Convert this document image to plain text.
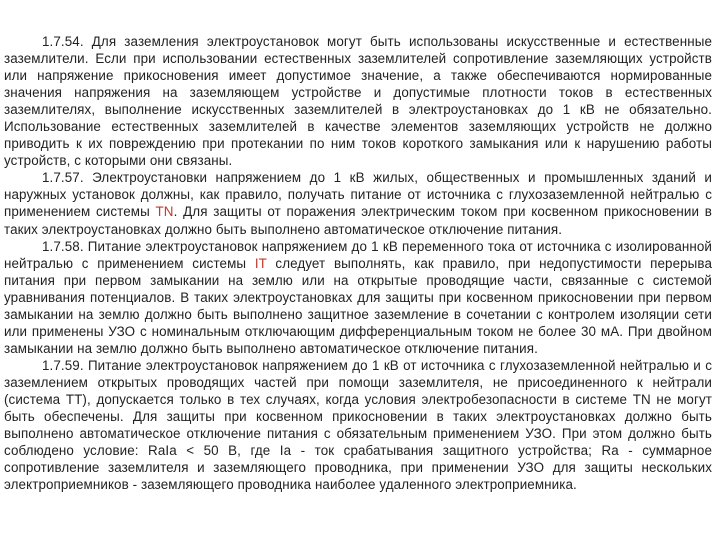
1.7.54. Для заземления электроустановок могут быть использованы искусственные и естественные заземлители. Если при использовании естественных заземлителей сопротивление заземляющих устройств или напряжение прикосновения имеет допустимое значение, а также обеспечиваются нормированные значения напряжения на заземляющем устройстве и допустимые плотности токов в естественных заземлителях, выполнение искусственных заземлителей в электроустановках до 1 кВ не обязательно. Использование естественных заземлителей в качестве элементов заземляющих устройств не должно приводить к их повреждению при протекании по ним токов короткого замыкания или к нарушению работы устройств, с которыми они связаны.

1.7.57. Электроустановки напряжением до 1 кВ жилых, общественных и промышленных зданий и наружных установок должны, как правило, получать питание от источника с глухозаземленной нейтралью с применением системы TN. Для защиты от поражения электрическим током при косвенном прикосновении в таких электроустановках должно быть выполнено автоматическое отключение питания.

1.7.58. Питание электроустановок напряжением до 1 кВ переменного тока от источника с изолированной нейтралью с применением системы IT следует выполнять, как правило, при недопустимости перерыва питания при первом замыкании на землю или на открытые проводящие части, связанные с системой уравнивания потенциалов. В таких электроустановках для защиты при косвенном прикосновении при первом замыкании на землю должно быть выполнено защитное заземление в сочетании с контролем изоляции сети или применены УЗО с номинальным отключающим дифференциальным током не более 30 мА. При двойном замыкании на землю должно быть выполнено автоматическое отключение питания.

1.7.59. Питание электроустановок напряжением до 1 кВ от источника с глухозаземленной нейтралью и с заземлением открытых проводящих частей при помощи заземлителя, не присоединенного к нейтрали (система TT), допускается только в тех случаях, когда условия электробезопасности в системе TN не могут быть обеспечены. Для защиты при косвенном прикосновении в таких электроустановках должно быть выполнено автоматическое отключение питания с обязательным применением УЗО. При этом должно быть соблюдено условие: RaIa < 50 В, где Ia - ток срабатывания защитного устройства; Ra - суммарное сопротивление заземлителя и заземляющего проводника, при применении УЗО для защиты нескольких электроприемников - заземляющего проводника наиболее удаленного электроприемника.
